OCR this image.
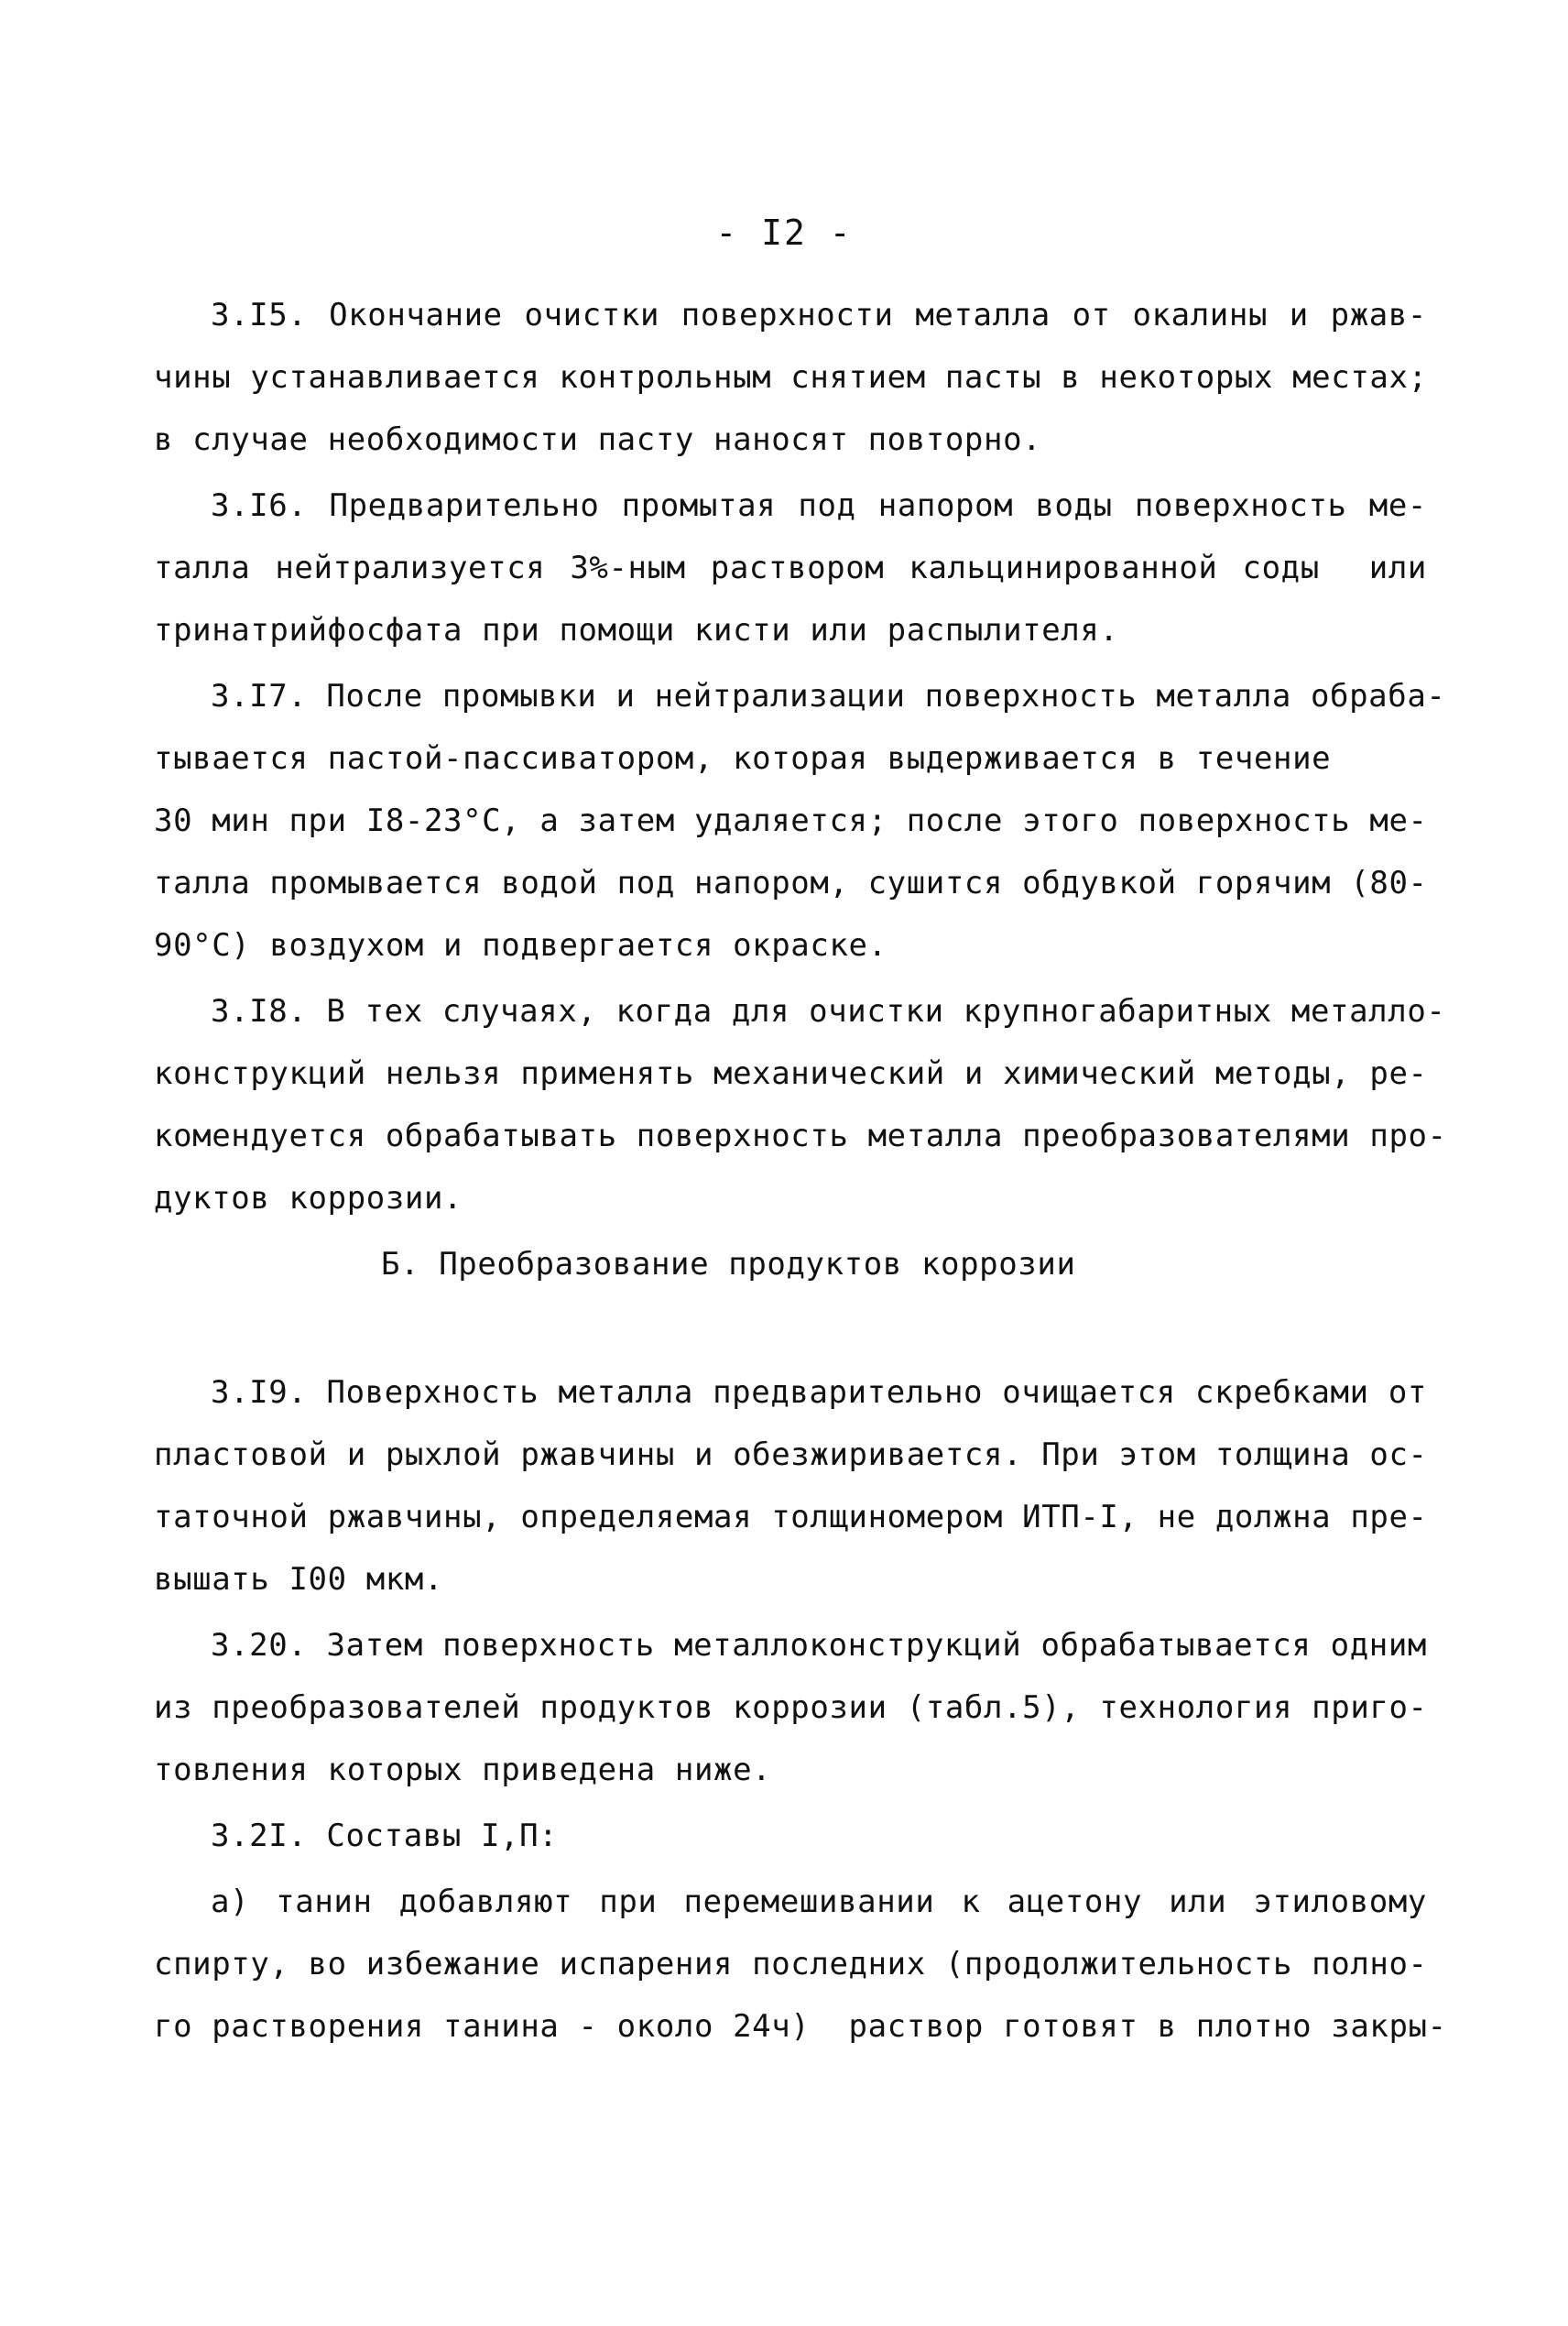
- I2 -
3.I5. Окончание очистки поверхности металла от окалины и ржав-
чины устанавливается контрольным снятием пасты в некоторых местах;
в случае необходимости пасту наносят повторно.
3.I6. Предварительно промытая под напором воды поверхность ме-
талла нейтрализуется 3%-ным раствором кальцинированной соды  или
тринатрийфосфата при помощи кисти или распылителя.
3.I7. После промывки и нейтрализации поверхность металла обраба-
тывается пастой-пассиватором, которая выдерживается в течение
30 мин при I8-23°С, а затем удаляется; после этого поверхность ме-
талла промывается водой под напором, сушится обдувкой горячим (80-
90°С) воздухом и подвергается окраске.
3.I8. В тех случаях, когда для очистки крупногабаритных металло-
конструкций нельзя применять механический и химический методы, ре-
комендуется обрабатывать поверхность металла преобразователями про-
дуктов коррозии.
Б. Преобразование продуктов коррозии
3.I9. Поверхность металла предварительно очищается скребками от
пластовой и рыхлой ржавчины и обезжиривается. При этом толщина ос-
таточной ржавчины, определяемая толщиномером ИТП-I, не должна пре-
вышать I00 мкм.
3.20. Затем поверхность металлоконструкций обрабатывается одним
из преобразователей продуктов коррозии (табл.5), технология приго-
товления которых приведена ниже.
3.2I. Составы I,П:
а) танин добавляют при перемешивании к ацетону или этиловому
спирту, во избежание испарения последних (продолжительность полно-
го растворения танина - около 24ч)  раствор готовят в плотно закры-
